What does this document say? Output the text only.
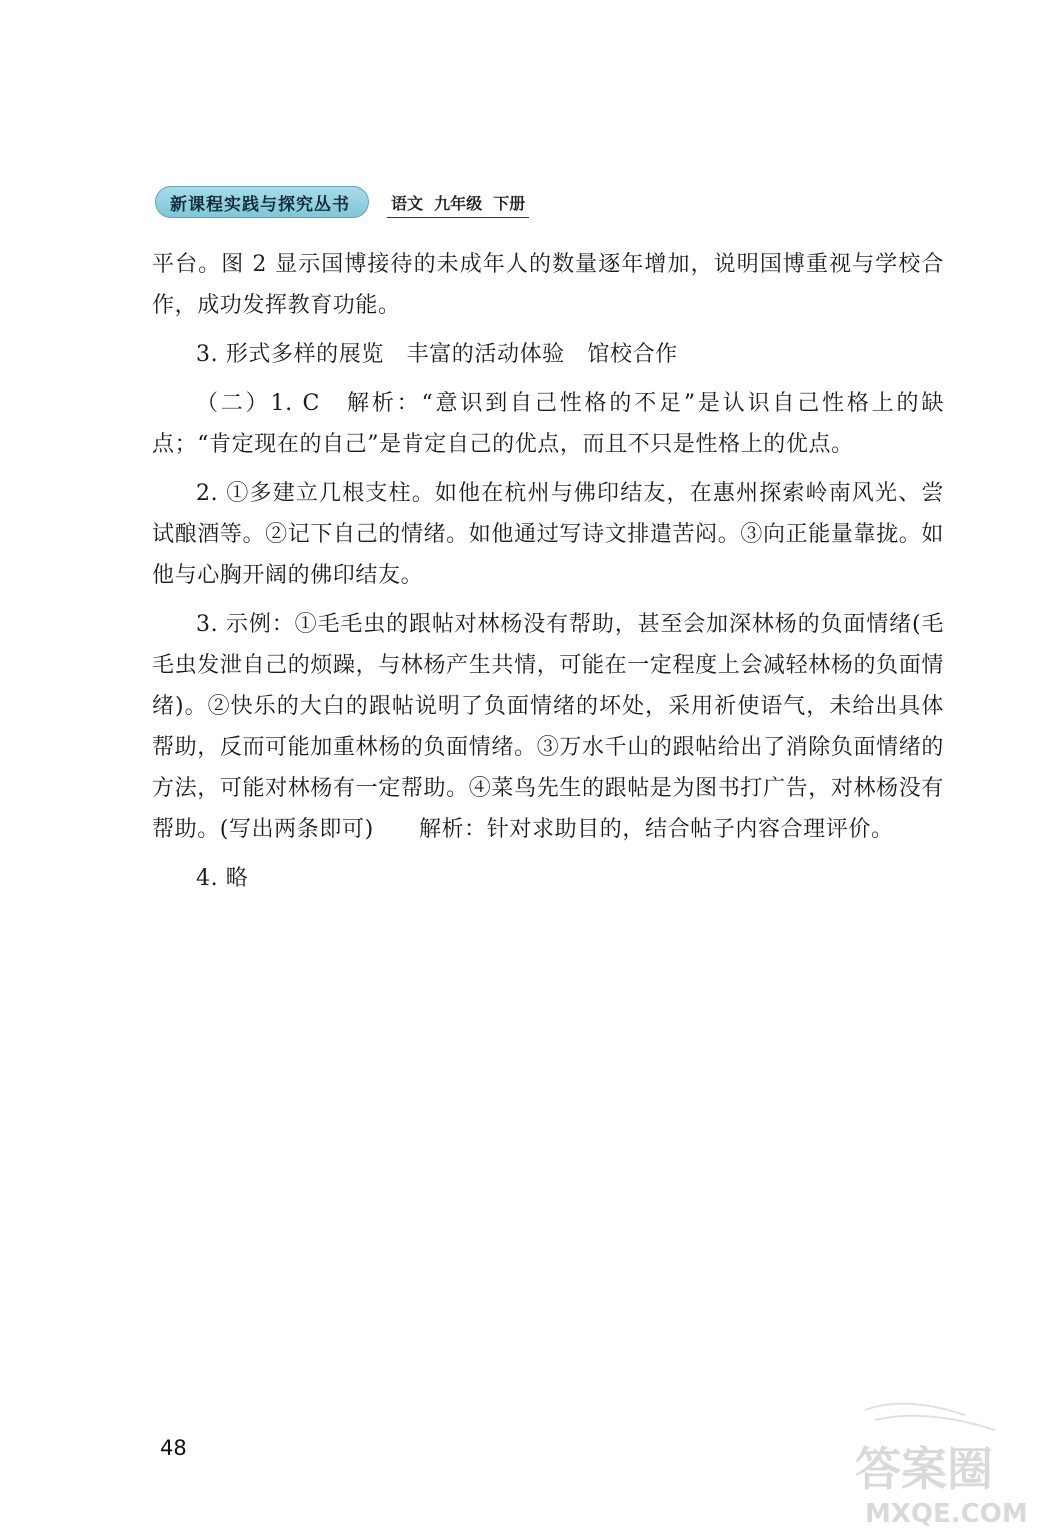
新课程实践与探究丛书	语文  九年级  下册

平台。图 2 显示国博接待的未成年人的数量逐年增加，说明国博重视与学校合作，成功发挥教育功能。

3. 形式多样的展览　丰富的活动体验　馆校合作

（二）1. C　解析：“意识到自己性格的不足”是认识自己性格上的缺点；“肯定现在的自己”是肯定自己的优点，而且不只是性格上的优点。

2. ①多建立几根支柱。如他在杭州与佛印结友，在惠州探索岭南风光、尝试酿酒等。②记下自己的情绪。如他通过写诗文排遣苦闷。③向正能量靠拢。如他与心胸开阔的佛印结友。

3. 示例：①毛毛虫的跟帖对林杨没有帮助，甚至会加深林杨的负面情绪(毛毛虫发泄自己的烦躁，与林杨产生共情，可能在一定程度上会减轻林杨的负面情绪)。②快乐的大白的跟帖说明了负面情绪的坏处，采用祈使语气，未给出具体帮助，反而可能加重林杨的负面情绪。③万水千山的跟帖给出了消除负面情绪的方法，可能对林杨有一定帮助。④菜鸟先生的跟帖是为图书打广告，对林杨没有帮助。(写出两条即可)　　解析：针对求助目的，结合帖子内容合理评价。

4. 略

48	答案圈
MXQE.COM
